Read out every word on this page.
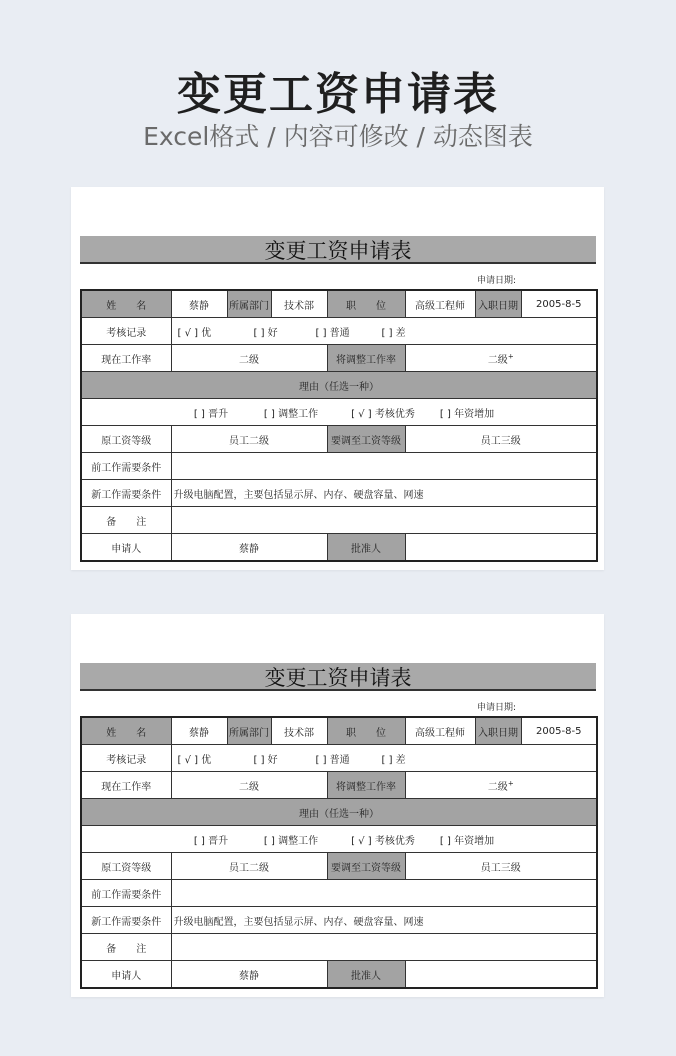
变更工资申请表
Excel格式 / 内容可修改 / 动态图表
变更工资申请表
申请日期:
姓　　名	蔡静	所属部门	技术部	职　　位	高级工程师	入职日期	2005-8-5
考核记录	[ √ ] 优 [ ] 好 [ ] 普通 [ ] 差						
现在工作率	二级			将调整工作率	二级+
理由（任选一种）							
[ ] 晋升 [ ] 调整工作 [ √ ] 考核优秀 [ ] 年资增加							
原工资等级	员工二级			要调至工资等级	员工三级		
前工作需要条件							
新工作需要条件	升级电脑配置，主要包括显示屏、内存、硬盘容量、网速						
备　　注							
申请人	蔡静			批准人			
变更工资申请表
申请日期:
姓　　名	蔡静	所属部门	技术部	职　　位	高级工程师	入职日期	2005-8-5
考核记录	[ √ ] 优 [ ] 好 [ ] 普通 [ ] 差						
现在工作率	二级			将调整工作率	二级+
理由（任选一种）							
[ ] 晋升 [ ] 调整工作 [ √ ] 考核优秀 [ ] 年资增加							
原工资等级	员工二级			要调至工资等级	员工三级		
前工作需要条件							
新工作需要条件	升级电脑配置，主要包括显示屏、内存、硬盘容量、网速						
备　　注							
申请人	蔡静			批准人			
